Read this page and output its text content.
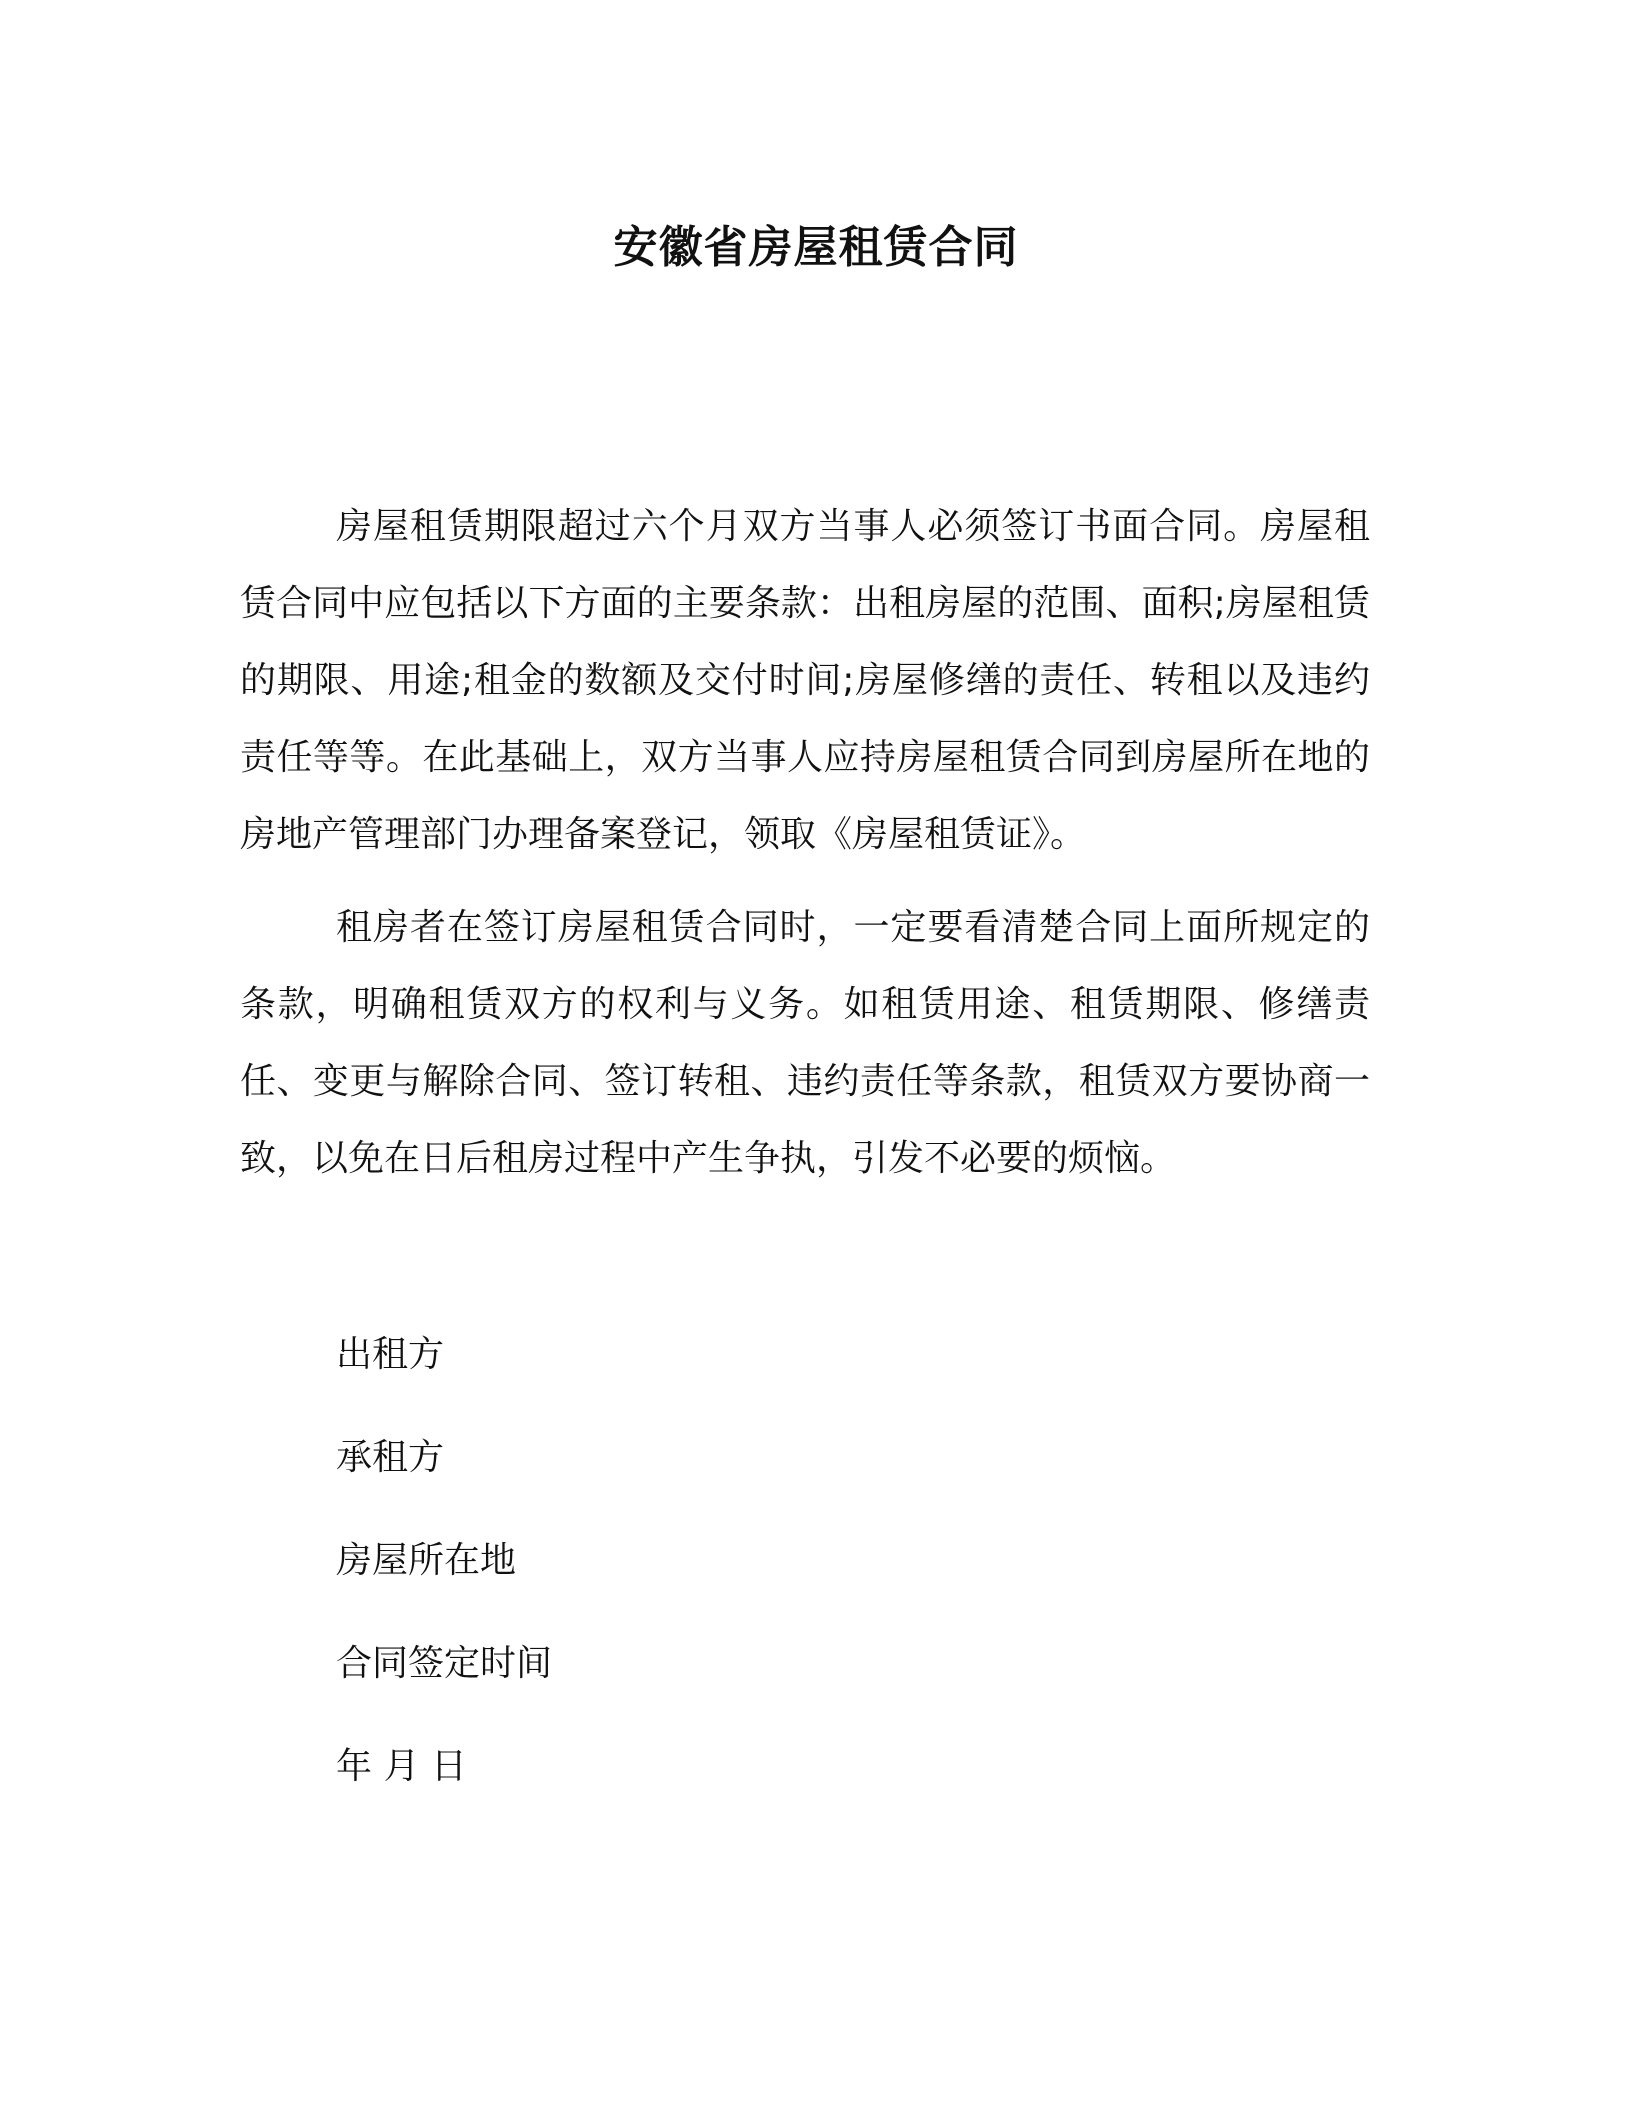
安徽省房屋租赁合同

房屋租赁期限超过六个月双方当事人必须签订书面合同。房屋租赁合同中应包括以下方面的主要条款：出租房屋的范围、面积;房屋租赁的期限、用途;租金的数额及交付时间;房屋修缮的责任、转租以及违约责任等等。在此基础上，双方当事人应持房屋租赁合同到房屋所在地的房地产管理部门办理备案登记，领取《房屋租赁证》。

租房者在签订房屋租赁合同时，一定要看清楚合同上面所规定的条款，明确租赁双方的权利与义务。如租赁用途、租赁期限、修缮责任、变更与解除合同、签订转租、违约责任等条款，租赁双方要协商一致，以免在日后租房过程中产生争执，引发不必要的烦恼。

出租方
承租方
房屋所在地
合同签定时间
年 月 日
